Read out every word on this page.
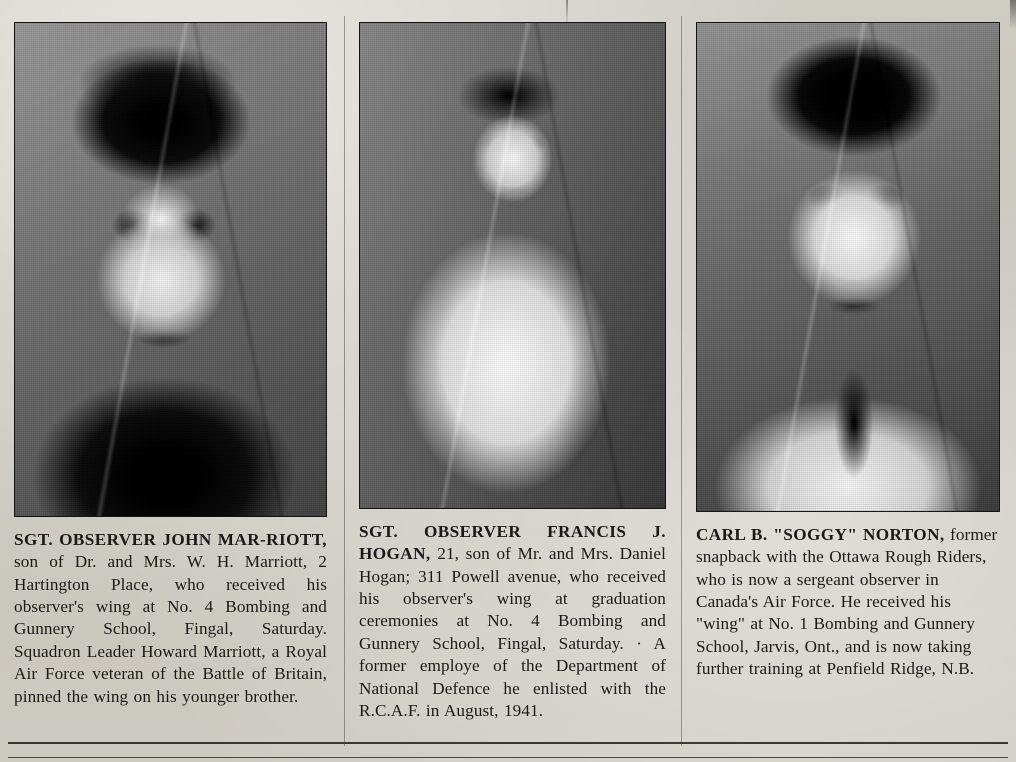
SGT. OBSERVER JOHN MAR-RIOTT, son of Dr. and Mrs. W. H. Marriott, 2 Hartington Place, who received his observer's wing at No. 4 Bombing and Gunnery School, Fingal, Saturday. Squadron Leader Howard Marriott, a Royal Air Force veteran of the Battle of Britain, pinned the wing on his younger brother.

SGT. OBSERVER FRANCIS J. HOGAN, 21, son of Mr. and Mrs. Daniel Hogan; 311 Powell avenue, who received his observer's wing at graduation ceremonies at No. 4 Bombing and Gunnery School, Fingal, Saturday. · A former employe of the Department of National Defence he enlisted with the R.C.A.F. in August, 1941.

CARL B. "SOGGY" NORTON, former snapback with the Ottawa Rough Riders, who is now a sergeant observer in Canada's Air Force. He received his "wing" at No. 1 Bombing and Gunnery School, Jarvis, Ont., and is now taking further training at Penfield Ridge, N.B.
